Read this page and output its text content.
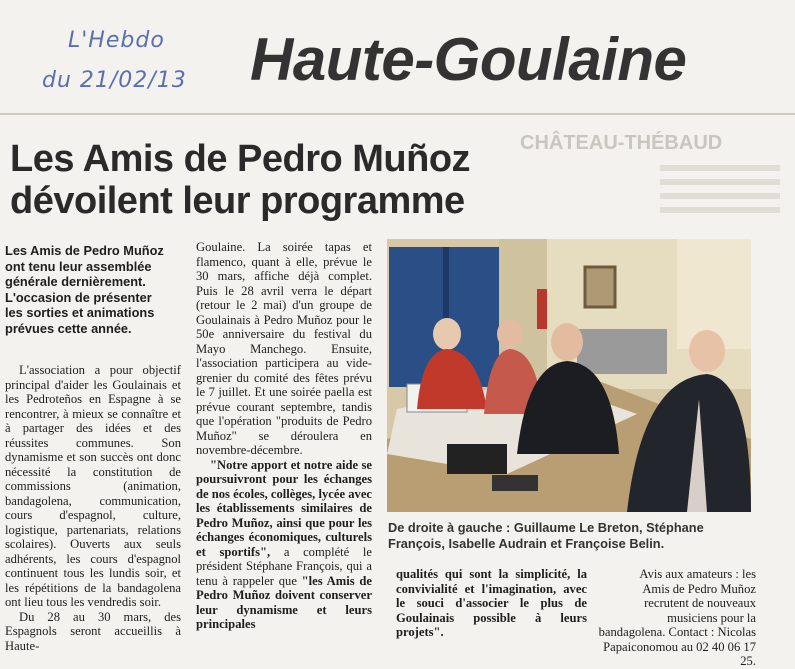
L'Hebdo
du 21/02/13 Haute-Goulaine
CHÂTEAU-THÉBAUD
Les Amis de Pedro Muñoz
dévoilent leur programme
Les Amis de Pedro Muñoz ont tenu leur assemblée générale dernièrement. L'occasion de présenter les sorties et animations prévues cette année.

L'association a pour objectif principal d'aider les Goulainais et les Pedroteños en Espagne à se rencontrer, à mieux se connaître et à partager des idées et des réussites communes. Son dynamisme et son succès ont donc nécessité la constitution de commissions (animation, bandagolena, communication, cours d'espagnol, culture, logistique, partenariats, relations scolaires). Ouverts aux seuls adhérents, les cours d'espagnol continuent tous les lundis soir, et les répétitions de la bandagolena ont lieu tous les vendredis soir.

Du 28 au 30 mars, des Espagnols seront accueillis à Haute-

Goulaine. La soirée tapas et flamenco, quant à elle, prévue le 30 mars, affiche déjà complet. Puis le 28 avril verra le départ (retour le 2 mai) d'un groupe de Goulainais à Pedro Muñoz pour le 50e anniversaire du festival du Mayo Manchego. Ensuite, l'association participera au vide-grenier du comité des fêtes prévu le 7 juillet. Et une soirée paella est prévue courant septembre, tandis que l'opération "produits de Pedro Muñoz" se déroulera en novembre-décembre.

"Notre apport et notre aide se poursuivront pour les échanges de nos écoles, collèges, lycée avec les établissements similaires de Pedro Muñoz, ainsi que pour les échanges économiques, culturels et sportifs", a complété le président Stéphane François, qui a tenu à rappeler que "les Amis de Pedro Muñoz doivent conserver leur dynamisme et leurs principales

De droite à gauche : Guillaume Le Breton, Stéphane François, Isabelle Audrain et Françoise Belin.

qualités qui sont la simplicité, la convivialité et l'imagination, avec le souci d'associer le plus de Goulainais possible à leurs projets".

Avis aux amateurs : les Amis de Pedro Muñoz recrutent de nouveaux musiciens pour la bandagolena. Contact : Nicolas Papaiconomou au 02 40 06 17 25.
